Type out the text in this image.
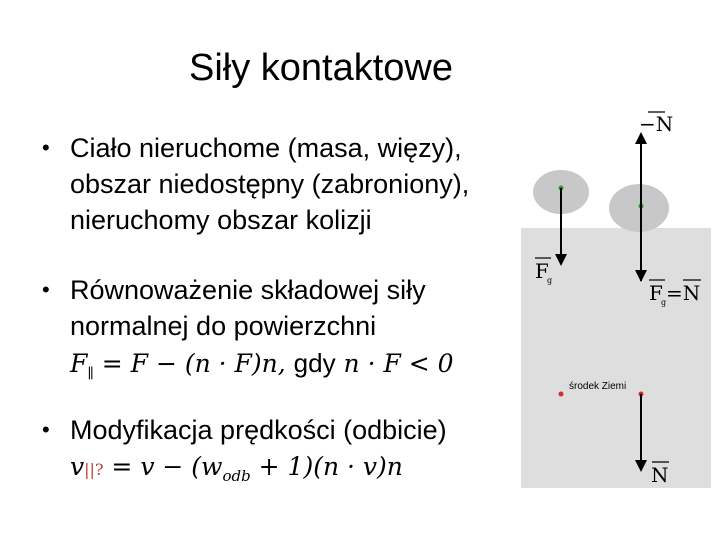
Siły kontaktowe
• Ciało nieruchome (masa, więzy),
obszar niedostępny (zabroniony),
nieruchomy obszar kolizji
• Równoważenie składowej siły
normalnej do powierzchni
$F_\parallel = F - (n \cdot F)n$, gdy n · F < 0
• Modyfikacja prędkości (odbicie)
v||? = $v - (w_{odb} + 1)(n \cdot v)n$
−N
F
g
F
g =N
środek Ziemi
N
